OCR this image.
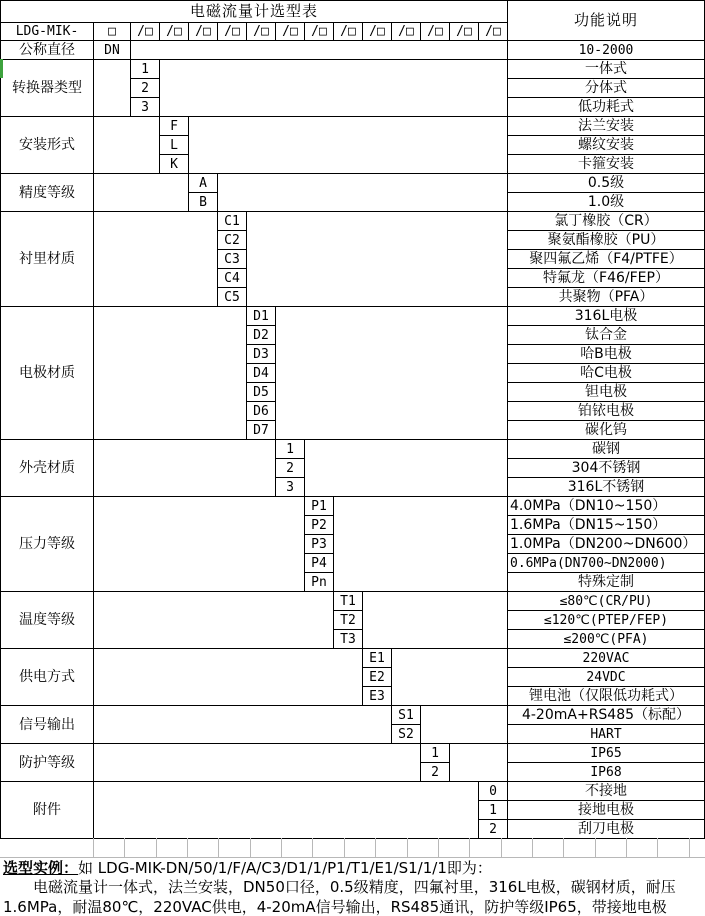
电磁流量计选型表	功能说明
LDG-MIK-	□	/□	/□	/□	/□	/□	/□	/□	/□	/□	/□	/□	/□	/□
公称直径	DN	10-2000
转换器类型
1	一体式
2	分体式
3	低功耗式
安装形式
F	法兰安装
L	螺纹安装
K	卡箍安装
精度等级
A	0.5级
B	1.0级
衬里材质
C1	氯丁橡胶（CR）
C2	聚氨酯橡胶（PU）
C3	聚四氟乙烯（F4/PTFE）
C4	特氟龙（F46/FEP）
C5	共聚物（PFA）
电极材质
D1	316L电极
D2	钛合金
D3	哈B电极
D4	哈C电极
D5	钽电极
D6	铂铱电极
D7	碳化钨
外壳材质
1	碳钢
2	304不锈钢
3	316L不锈钢
压力等级
P1	4.0MPa（DN10~150）
P2	1.6MPa（DN15~150）
P3	1.0MPa（DN200~DN600）
P4	0.6MPa(DN700~DN2000)
Pn	特殊定制
温度等级
T1	≤80℃(CR/PU)
T2	≤120℃(PTEP/FEP)
T3	≤200℃(PFA)
供电方式
E1	220VAC
E2	24VDC
E3	锂电池（仅限低功耗式）
信号输出
S1	4-20mA+RS485（标配）
S2	HART
防护等级
1	IP65
2	IP68
附件
0	不接地
1	接地电极
2	刮刀电极

选型实例：如 LDG-MIK-DN/50/1/F/A/C3/D1/1/P1/T1/E1/S1/1/1即为：

电磁流量计一体式，法兰安装，DN50口径，0.5级精度，四氟衬里，316L电极，碳钢材质，耐压1.6MPa，耐温80℃，220VAC供电，4-20mA信号输出，RS485通讯，防护等级IP65，带接地电极
